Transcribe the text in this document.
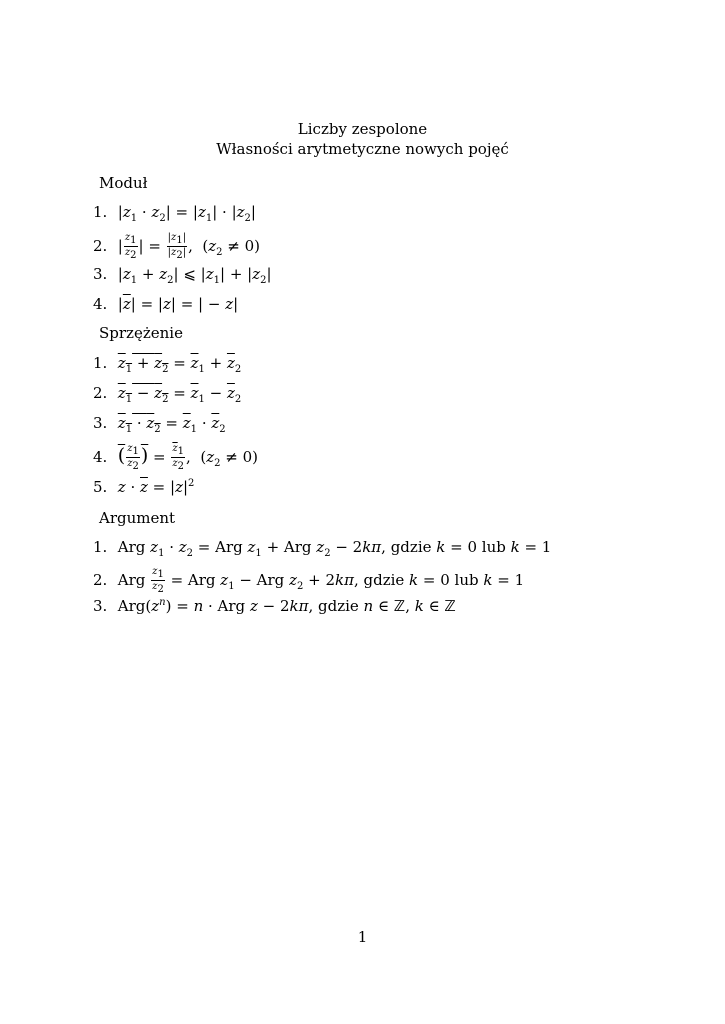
Liczby zespolone
Własności arytmetyczne nowych pojęć
Moduł
1. $|z_1 \cdot z_2| = |z_1| \cdot |z_2|$
2. | $\frac{z_1}{z_2}$ | = $\frac{|z_1|}{|z_2|}$ ,  $(z_2 \ne 0)$
3. $|z_1 + z_2|$ ⩽ $|z_1| + |z_2|$
4. $|\overline{z}| = |z|$ = | − z|
Sprzężenie
1. $z_1 + z_2 = \overline{z}_1 + \overline{z}_2$
2. $z_1 - z_2 = \overline{z}_1 - \overline{z}_2$
3. $z_1 \cdot z_2 = \overline{z}_1 \cdot \overline{z}_2$
4. ( $\frac{z_1}{z_2}$ ) = $\frac{\overline{z}_1}{\overline{z}_2}$ ,  $(z_2 \ne 0)$
5. $z \cdot \overline{z} = |z|^2$
Argument
1. Arg $z_1 \cdot z_2$ = Arg $z_1$ + Arg $z_2 - 2k\pi$, gdzie k = 0 lub k = 1
2. Arg $\frac{z_1}{z_2}$ = Arg $z_1$ − Arg $z_2 + 2k\pi$, gdzie k = 0 lub k = 1
3. $Arg(z^n) = n$ · Arg z − 2kπ, gdzie n ∈ ℤ, k ∈ ℤ
1
